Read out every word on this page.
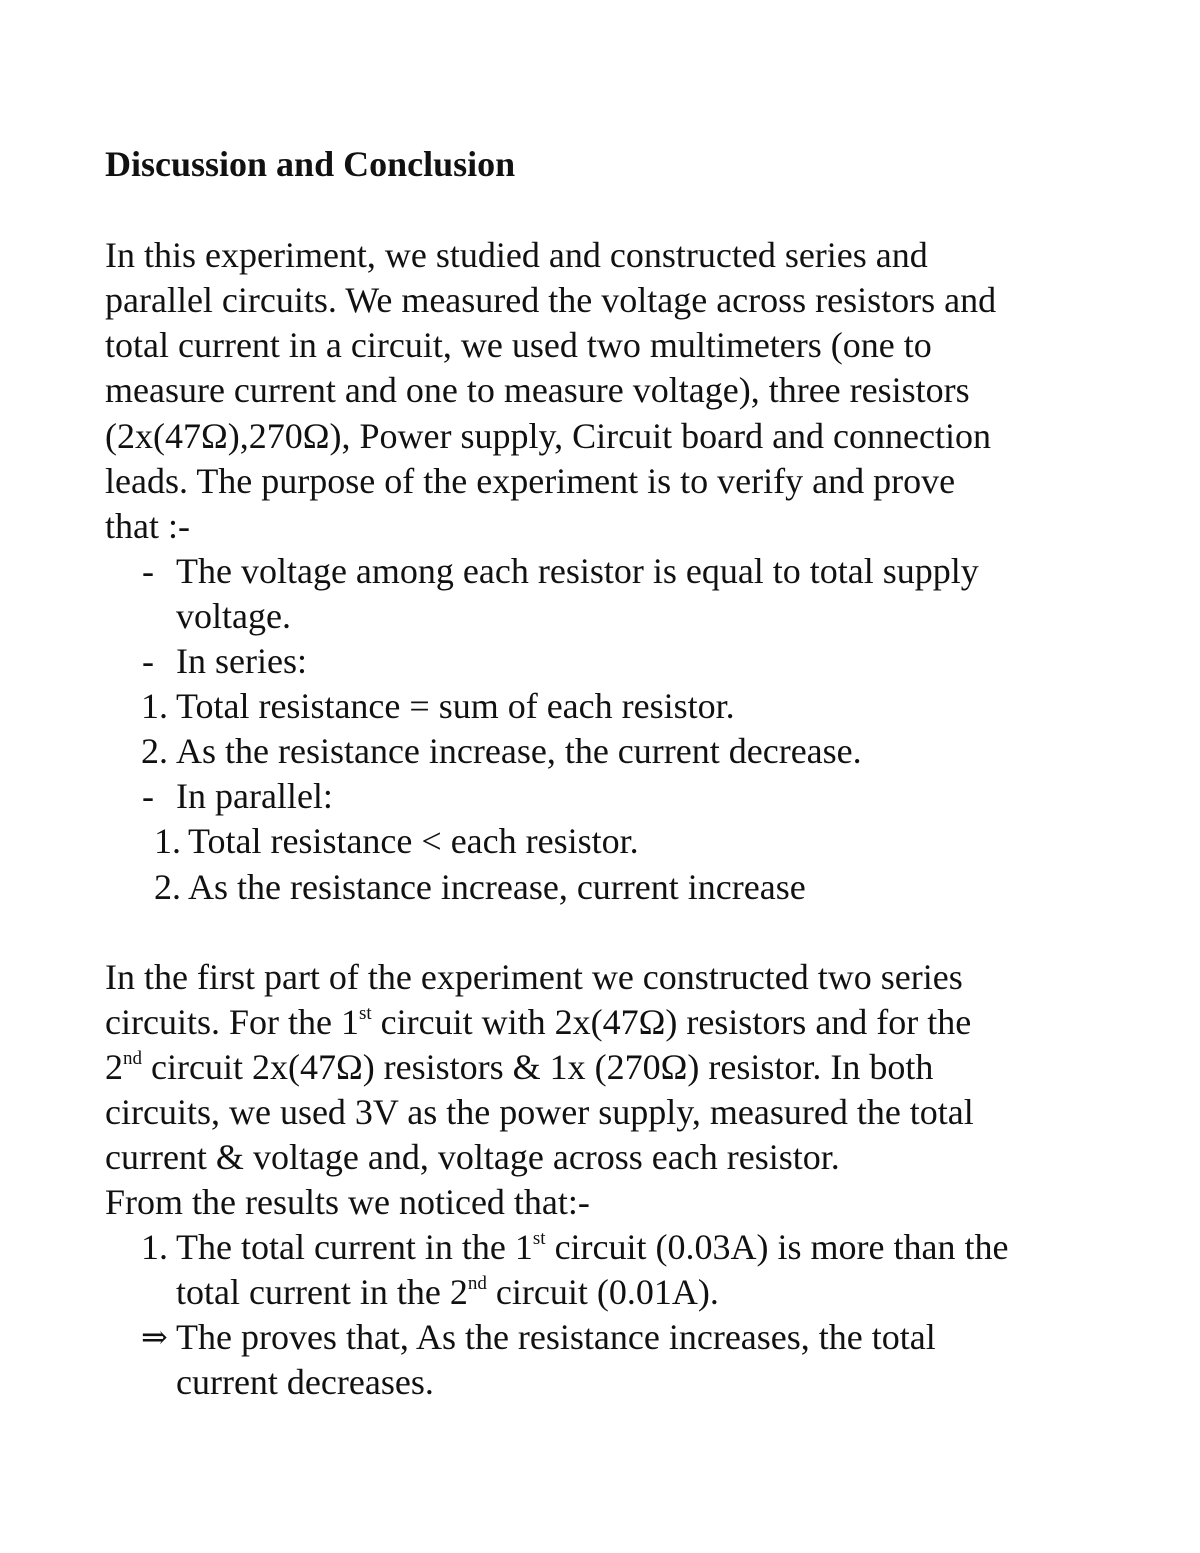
Discussion and Conclusion
In this experiment, we studied and constructed series and
parallel circuits. We measured the voltage across resistors and
total current in a circuit, we used two multimeters (one to
measure current and one to measure voltage), three resistors
(2x(47Ω),270Ω), Power supply, Circuit board and connection
leads. The purpose of the experiment is to verify and prove
that :-
- The voltage among each resistor is equal to total supply
voltage.
- In series:
1. Total resistance = sum of each resistor.
2. As the resistance increase, the current decrease.
- In parallel:
1. Total resistance < each resistor.
2. As the resistance increase, current increase
In the first part of the experiment we constructed two series
circuits. For the 1st circuit with 2x(47Ω) resistors and for the
2nd circuit 2x(47Ω) resistors & 1x (270Ω) resistor. In both
circuits, we used 3V as the power supply, measured the total
current & voltage and, voltage across each resistor.
From the results we noticed that:-
1. The total current in the 1st circuit (0.03A) is more than the
total current in the 2nd circuit (0.01A).
⇒ The proves that, As the resistance increases, the total
current decreases.
